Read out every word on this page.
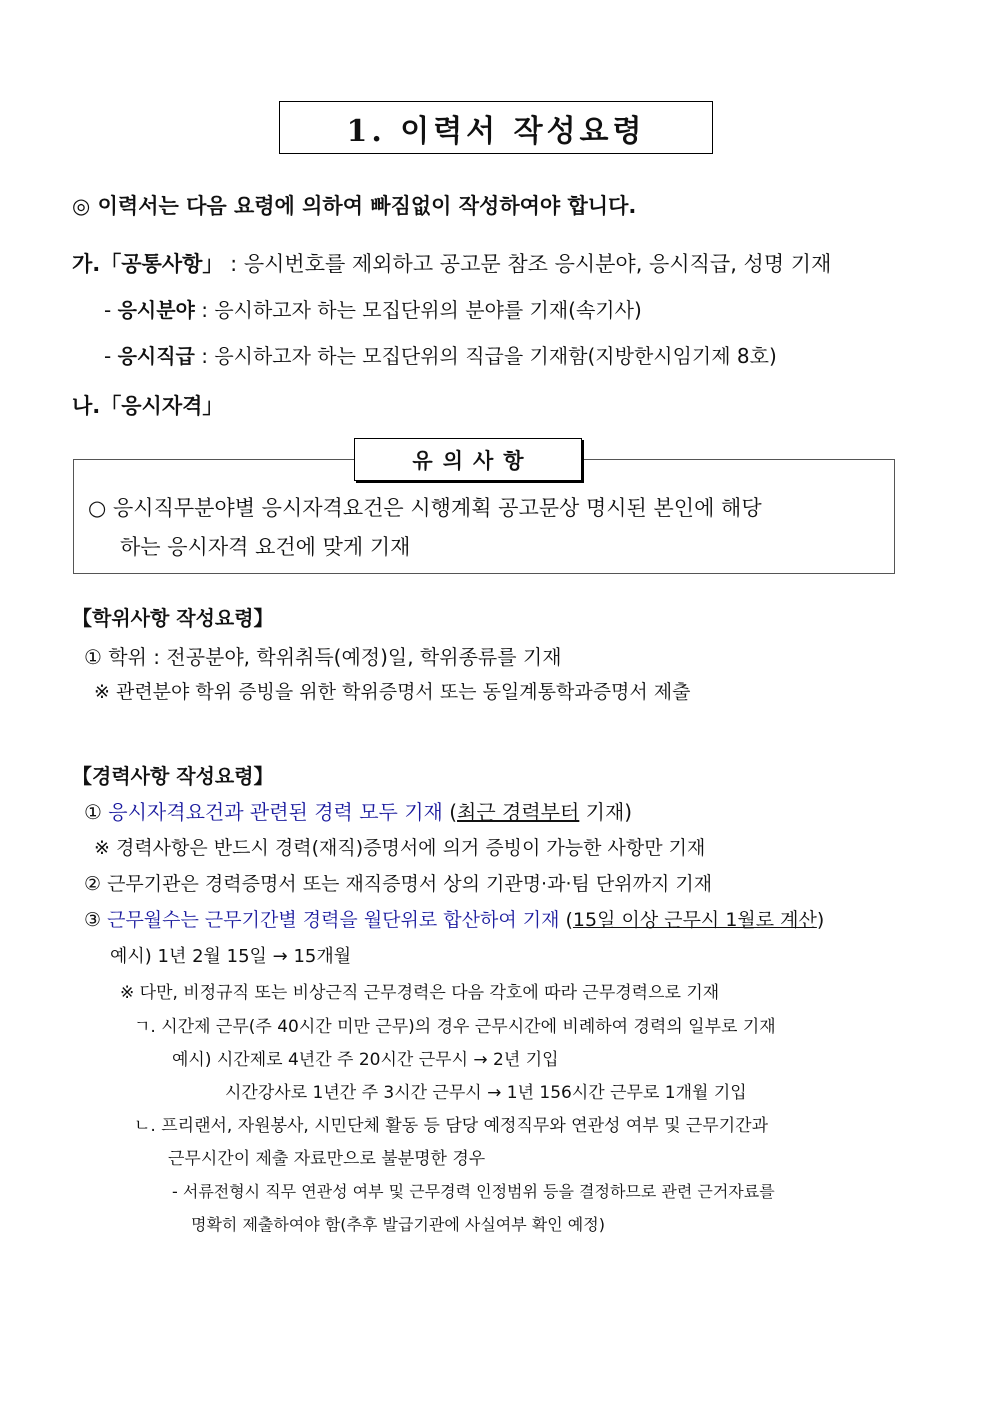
1. 이력서 작성요령
◎ 이력서는 다음 요령에 의하여 빠짐없이 작성하여야 합니다.
가.「공통사항」 : 응시번호를 제외하고 공고문 참조 응시분야, 응시직급, 성명 기재
- 응시분야 : 응시하고자 하는 모집단위의 분야를 기재(속기사)
- 응시직급 : 응시하고자 하는 모집단위의 직급을 기재함(지방한시임기제 8호)
나.「응시자격」
유의사항
○ 응시직무분야별 응시자격요건은 시행계획 공고문상 명시된 본인에 해당
하는 응시자격 요건에 맞게 기재
【학위사항 작성요령】
① 학위 : 전공분야, 학위취득(예정)일, 학위종류를 기재
※ 관련분야 학위 증빙을 위한 학위증명서 또는 동일계통학과증명서 제출
【경력사항 작성요령】
① 응시자격요건과 관련된 경력 모두 기재 (최근 경력부터 기재)
※ 경력사항은 반드시 경력(재직)증명서에 의거 증빙이 가능한 사항만 기재
② 근무기관은 경력증명서 또는 재직증명서 상의 기관명·과·팀 단위까지 기재
③ 근무월수는 근무기간별 경력을 월단위로 합산하여 기재 (15일 이상 근무시 1월로 계산)
예시) 1년 2월 15일 → 15개월
※ 다만, 비정규직 또는 비상근직 근무경력은 다음 각호에 따라 근무경력으로 기재
ㄱ. 시간제 근무(주 40시간 미만 근무)의 경우 근무시간에 비례하여 경력의 일부로 기재
예시) 시간제로 4년간 주 20시간 근무시 → 2년 기입
시간강사로 1년간 주 3시간 근무시 → 1년 156시간 근무로 1개월 기입
ㄴ. 프리랜서, 자원봉사, 시민단체 활동 등 담당 예정직무와 연관성 여부 및 근무기간과
근무시간이 제출 자료만으로 불분명한 경우
- 서류전형시 직무 연관성 여부 및 근무경력 인정범위 등을 결정하므로 관련 근거자료를
명확히 제출하여야 함(추후 발급기관에 사실여부 확인 예정)
